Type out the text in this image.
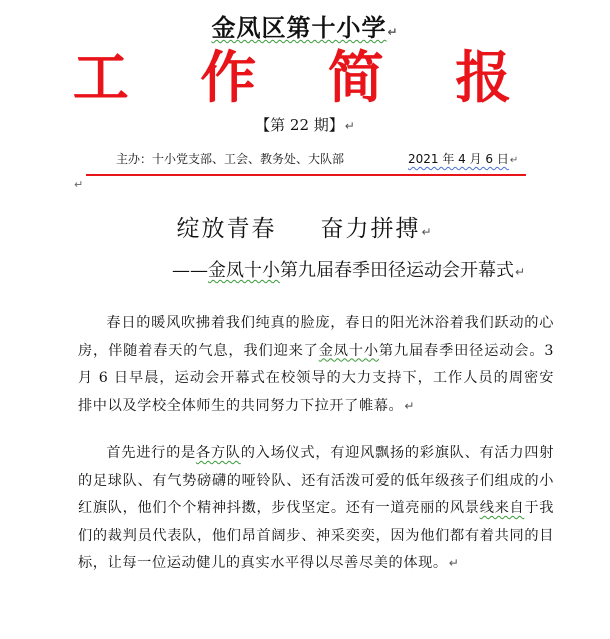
金凤区第十小学↵
工 作 简 报
【第 22 期】↵
主办：十小党支部、工会、教务处、大队部	2021 年 4 月 6 日↵
↵
绽放青春 奋力拼搏↵
——金凤十小第九届春季田径运动会开幕式↵

春日的暖风吹拂着我们纯真的脸庞，春日的阳光沐浴着我们跃动的心房，伴随着春天的气息，我们迎来了金凤十小第九届春季田径运动会。3 月 6 日早晨，运动会开幕式在校领导的大力支持下，工作人员的周密安排中以及学校全体师生的共同努力下拉开了帷幕。↵

首先进行的是各方队的入场仪式，有迎风飘扬的彩旗队、有活力四射的足球队、有气势磅礴的哑铃队、还有活泼可爱的低年级孩子们组成的小红旗队，他们个个精神抖擞，步伐坚定。还有一道亮丽的风景线来自于我们的裁判员代表队，他们昂首阔步、神采奕奕，因为他们都有着共同的目标，让每一位运动健儿的真实水平得以尽善尽美的体现。↵
